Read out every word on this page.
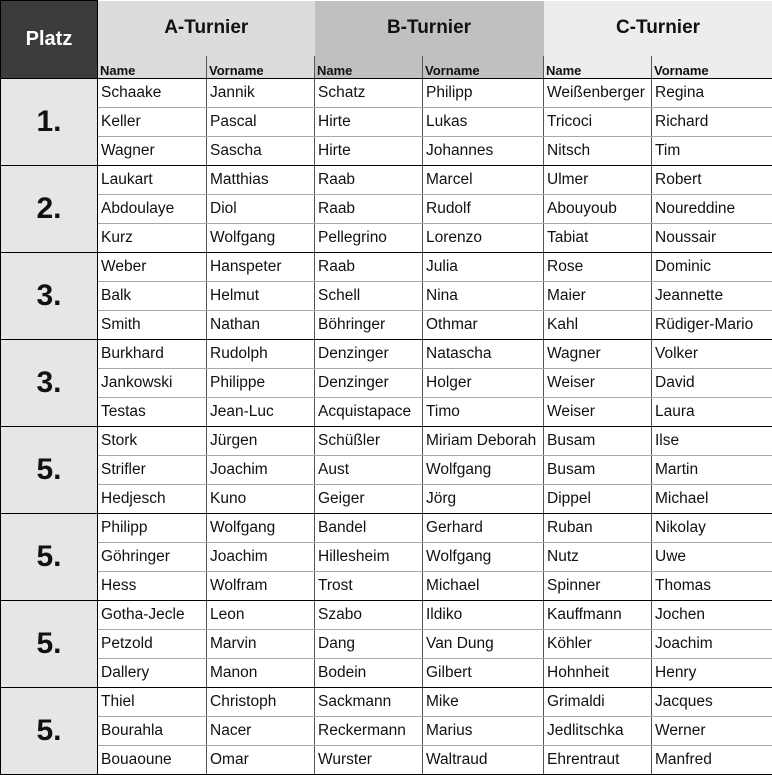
Platz	A-Turnier		B-Turnier		C-Turnier	
	Name	Vorname	Name	Vorname	Name	Vorname
1.	Schaake	Jannik	Schatz	Philipp	Weißenberger	Regina
	Keller	Pascal	Hirte	Lukas	Tricoci	Richard
	Wagner	Sascha	Hirte	Johannes	Nitsch	Tim
2.	Laukart	Matthias	Raab	Marcel	Ulmer	Robert
	Abdoulaye	Diol	Raab	Rudolf	Abouyoub	Noureddine
	Kurz	Wolfgang	Pellegrino	Lorenzo	Tabiat	Noussair
3.	Weber	Hanspeter	Raab	Julia	Rose	Dominic
	Balk	Helmut	Schell	Nina	Maier	Jeannette
	Smith	Nathan	Böhringer	Othmar	Kahl	Rüdiger-Mario
3.	Burkhard	Rudolph	Denzinger	Natascha	Wagner	Volker
	Jankowski	Philippe	Denzinger	Holger	Weiser	David
	Testas	Jean-Luc	Acquistapace	Timo	Weiser	Laura
5.	Stork	Jürgen	Schüßler	Miriam Deborah	Busam	Ilse
	Strifler	Joachim	Aust	Wolfgang	Busam	Martin
	Hedjesch	Kuno	Geiger	Jörg	Dippel	Michael
5.	Philipp	Wolfgang	Bandel	Gerhard	Ruban	Nikolay
	Göhringer	Joachim	Hillesheim	Wolfgang	Nutz	Uwe
	Hess	Wolfram	Trost	Michael	Spinner	Thomas
5.	Gotha-Jecle	Leon	Szabo	Ildiko	Kauffmann	Jochen
	Petzold	Marvin	Dang	Van Dung	Köhler	Joachim
	Dallery	Manon	Bodein	Gilbert	Hohnheit	Henry
5.	Thiel	Christoph	Sackmann	Mike	Grimaldi	Jacques
	Bourahla	Nacer	Reckermann	Marius	Jedlitschka	Werner
	Bouaoune	Omar	Wurster	Waltraud	Ehrentraut	Manfred
